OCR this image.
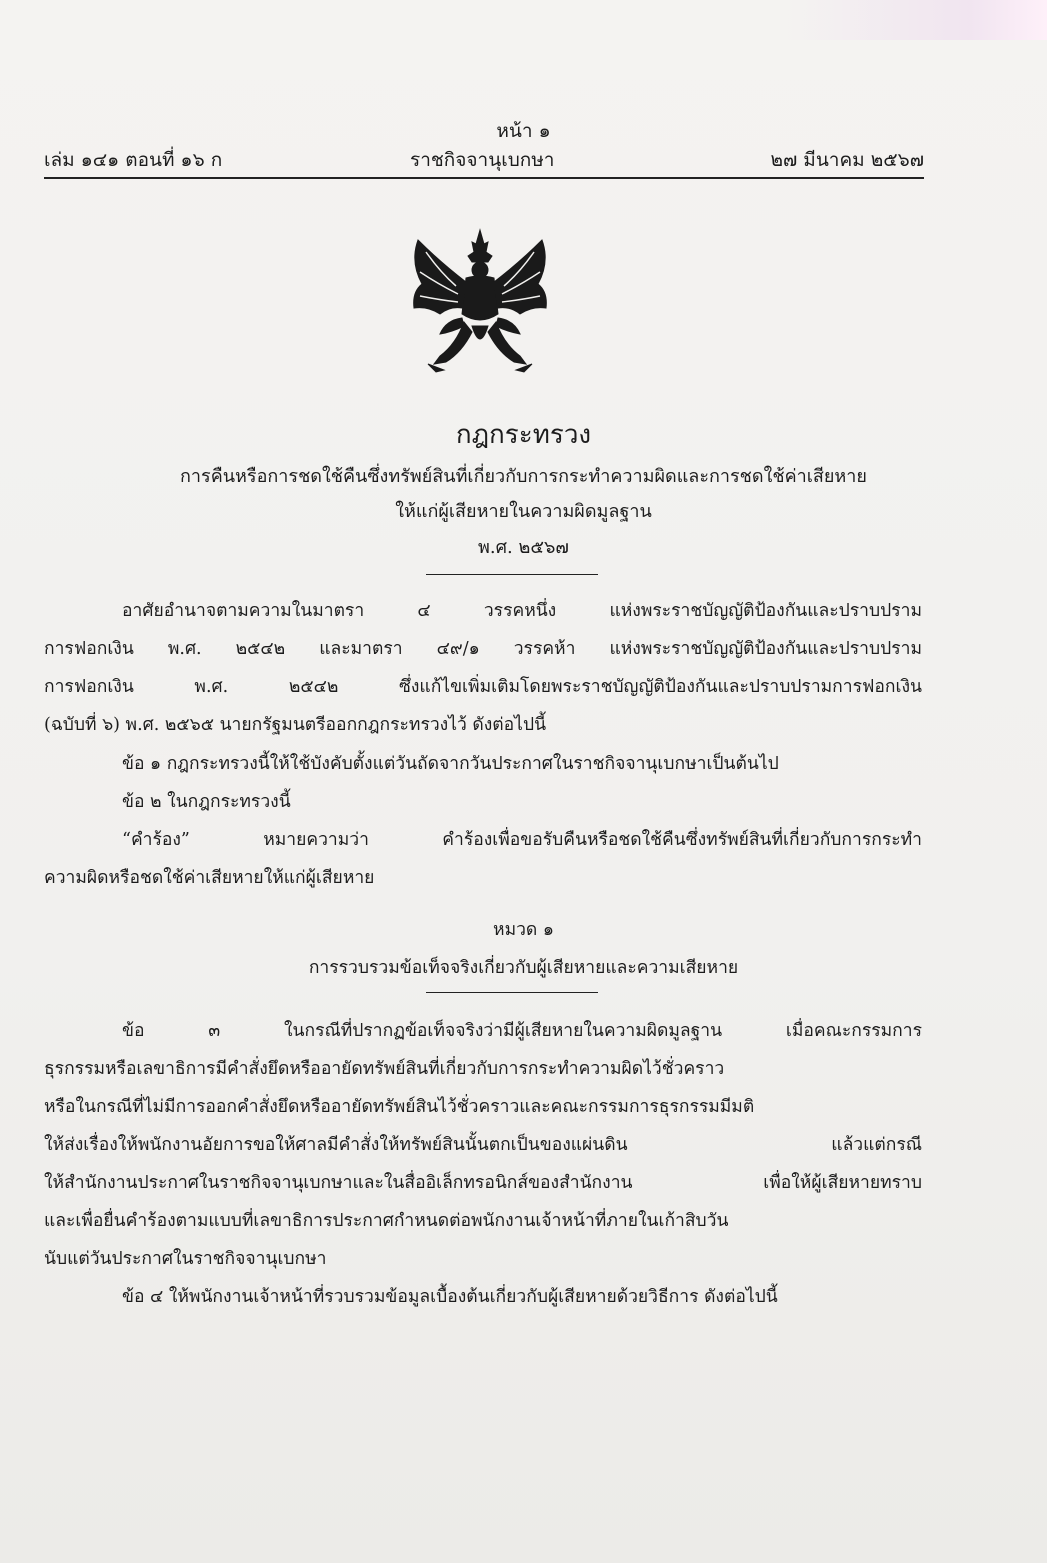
หน้า ๑
เล่ม ๑๔๑ ตอนที่ ๑๖ ก	ราชกิจจานุเบกษา	๒๗ มีนาคม ๒๕๖๗
กฎกระทรวง
การคืนหรือการชดใช้คืนซึ่งทรัพย์สินที่เกี่ยวกับการกระทำความผิดและการชดใช้ค่าเสียหาย
ให้แก่ผู้เสียหายในความผิดมูลฐาน
พ.ศ. ๒๕๖๗
อาศัยอำนาจตามความในมาตรา ๔ วรรคหนึ่ง แห่งพระราชบัญญัติป้องกันและปราบปราม
การฟอกเงิน พ.ศ. ๒๕๔๒ และมาตรา ๔๙/๑ วรรคห้า แห่งพระราชบัญญัติป้องกันและปราบปราม
การฟอกเงิน พ.ศ. ๒๕๔๒ ซึ่งแก้ไขเพิ่มเติมโดยพระราชบัญญัติป้องกันและปราบปรามการฟอกเงิน
(ฉบับที่ ๖) พ.ศ. ๒๕๖๕ นายกรัฐมนตรีออกกฎกระทรวงไว้ ดังต่อไปนี้
ข้อ ๑ กฎกระทรวงนี้ให้ใช้บังคับตั้งแต่วันถัดจากวันประกาศในราชกิจจานุเบกษาเป็นต้นไป
ข้อ ๒ ในกฎกระทรวงนี้
“คำร้อง” หมายความว่า คำร้องเพื่อขอรับคืนหรือชดใช้คืนซึ่งทรัพย์สินที่เกี่ยวกับการกระทำ
ความผิดหรือชดใช้ค่าเสียหายให้แก่ผู้เสียหาย
หมวด ๑
การรวบรวมข้อเท็จจริงเกี่ยวกับผู้เสียหายและความเสียหาย
ข้อ ๓ ในกรณีที่ปรากฏข้อเท็จจริงว่ามีผู้เสียหายในความผิดมูลฐาน เมื่อคณะกรรมการ
ธุรกรรมหรือเลขาธิการมีคำสั่งยึดหรืออายัดทรัพย์สินที่เกี่ยวกับการกระทำความผิดไว้ชั่วคราว
หรือในกรณีที่ไม่มีการออกคำสั่งยึดหรืออายัดทรัพย์สินไว้ชั่วคราวและคณะกรรมการธุรกรรมมีมติ
ให้ส่งเรื่องให้พนักงานอัยการขอให้ศาลมีคำสั่งให้ทรัพย์สินนั้นตกเป็นของแผ่นดิน แล้วแต่กรณี
ให้สำนักงานประกาศในราชกิจจานุเบกษาและในสื่ออิเล็กทรอนิกส์ของสำนักงาน เพื่อให้ผู้เสียหายทราบ
และเพื่อยื่นคำร้องตามแบบที่เลขาธิการประกาศกำหนดต่อพนักงานเจ้าหน้าที่ภายในเก้าสิบวัน
นับแต่วันประกาศในราชกิจจานุเบกษา
ข้อ ๔ ให้พนักงานเจ้าหน้าที่รวบรวมข้อมูลเบื้องต้นเกี่ยวกับผู้เสียหายด้วยวิธีการ ดังต่อไปนี้
